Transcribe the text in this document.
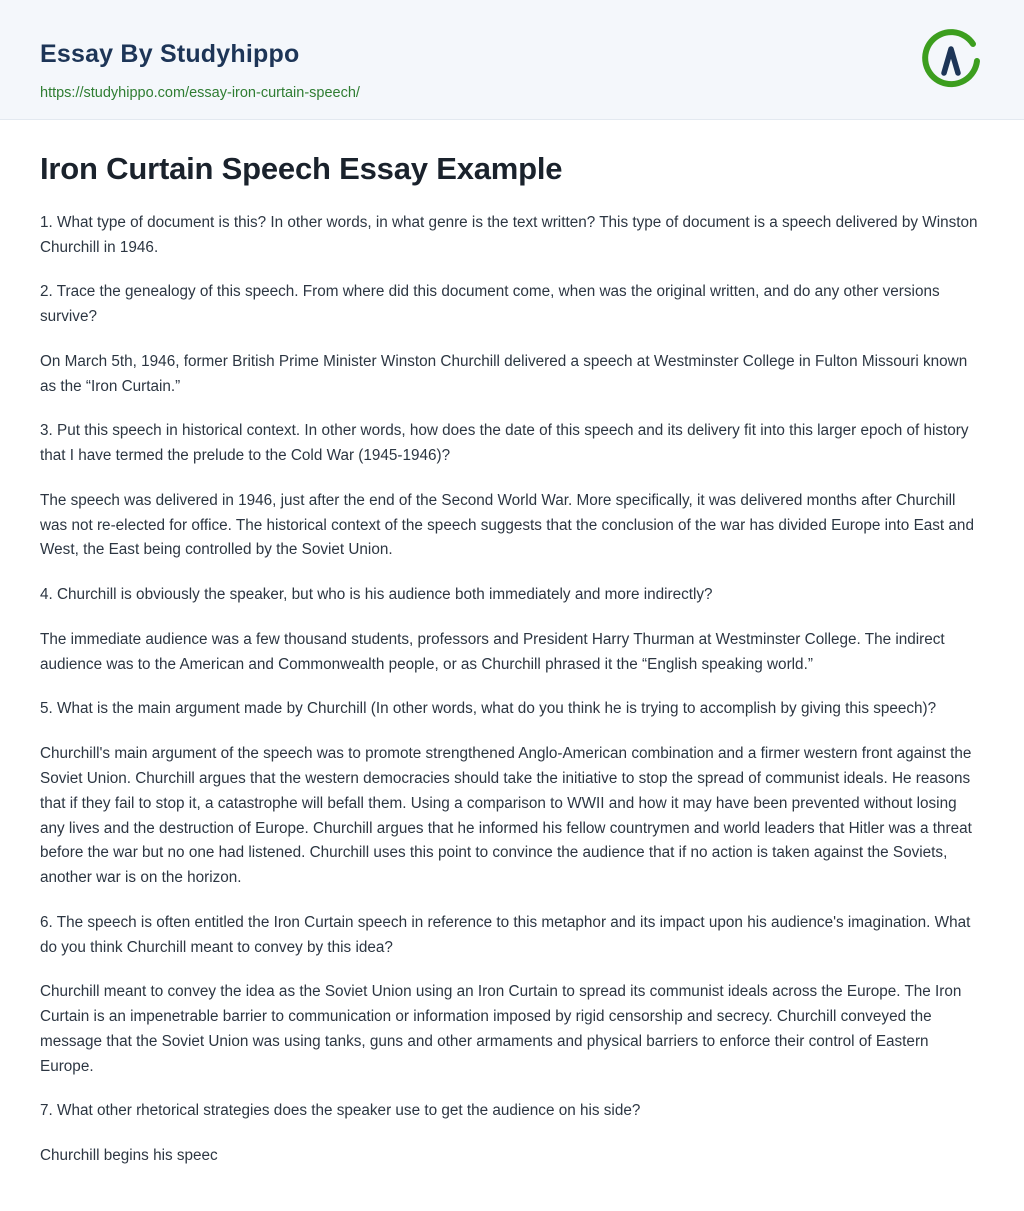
Essay By Studyhippo
https://studyhippo.com/essay-iron-curtain-speech/
Iron Curtain Speech Essay Example

1. What type of document is this? In other words, in what genre is the text written? This type of document is a speech delivered by Winston Churchill in 1946.

2. Trace the genealogy of this speech. From where did this document come, when was the original written, and do any other versions survive?

On March 5th, 1946, former British Prime Minister Winston Churchill delivered a speech at Westminster College in Fulton Missouri known as the “Iron Curtain.”

3. Put this speech in historical context. In other words, how does the date of this speech and its delivery fit into this larger epoch of history that I have termed the prelude to the Cold War (1945-1946)?

The speech was delivered in 1946, just after the end of the Second World War. More specifically, it was delivered months after Churchill was not re-elected for office. The historical context of the speech suggests that the conclusion of the war has divided Europe into East and West, the East being controlled by the Soviet Union.

4. Churchill is obviously the speaker, but who is his audience both immediately and more indirectly?

The immediate audience was a few thousand students, professors and President Harry Thurman at Westminster College. The indirect audience was to the American and Commonwealth people, or as Churchill phrased it the “English speaking world.”

5. What is the main argument made by Churchill (In other words, what do you think he is trying to accomplish by giving this speech)?

Churchill's main argument of the speech was to promote strengthened Anglo-American combination and a firmer western front against the Soviet Union. Churchill argues that the western democracies should take the initiative to stop the spread of communist ideals. He reasons that if they fail to stop it, a catastrophe will befall them. Using a comparison to WWII and how it may have been prevented without losing any lives and the destruction of Europe. Churchill argues that he informed his fellow countrymen and world leaders that Hitler was a threat before the war but no one had listened. Churchill uses this point to convince the audience that if no action is taken against the Soviets, another war is on the horizon.

6. The speech is often entitled the Iron Curtain speech in reference to this metaphor and its impact upon his audience's imagination. What do you think Churchill meant to convey by this idea?

Churchill meant to convey the idea as the Soviet Union using an Iron Curtain to spread its communist ideals across the Europe. The Iron Curtain is an impenetrable barrier to communication or information imposed by rigid censorship and secrecy. Churchill conveyed the message that the Soviet Union was using tanks, guns and other armaments and physical barriers to enforce their control of Eastern Europe.

7. What other rhetorical strategies does the speaker use to get the audience on his side?

Churchill begins his speec
